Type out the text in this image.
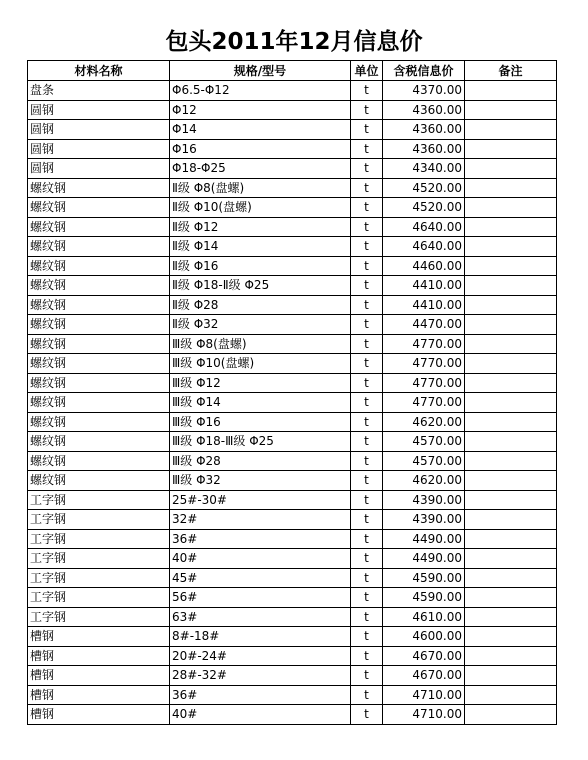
包头2011年12月信息价
材料名称	规格/型号	单位	含税信息价	备注
盘条	Φ6.5-Φ12	t	4370.00	
圆钢	Φ12	t	4360.00	
圆钢	Φ14	t	4360.00	
圆钢	Φ16	t	4360.00	
圆钢	Φ18-Φ25	t	4340.00	
螺纹钢	Ⅱ级 Φ8(盘螺)	t	4520.00	
螺纹钢	Ⅱ级 Φ10(盘螺)	t	4520.00	
螺纹钢	Ⅱ级 Φ12	t	4640.00	
螺纹钢	Ⅱ级 Φ14	t	4640.00	
螺纹钢	Ⅱ级 Φ16	t	4460.00	
螺纹钢	Ⅱ级 Φ18-Ⅱ级 Φ25	t	4410.00	
螺纹钢	Ⅱ级 Φ28	t	4410.00	
螺纹钢	Ⅱ级 Φ32	t	4470.00	
螺纹钢	Ⅲ级 Φ8(盘螺)	t	4770.00	
螺纹钢	Ⅲ级 Φ10(盘螺)	t	4770.00	
螺纹钢	Ⅲ级 Φ12	t	4770.00	
螺纹钢	Ⅲ级 Φ14	t	4770.00	
螺纹钢	Ⅲ级 Φ16	t	4620.00	
螺纹钢	Ⅲ级 Φ18-Ⅲ级 Φ25	t	4570.00	
螺纹钢	Ⅲ级 Φ28	t	4570.00	
螺纹钢	Ⅲ级 Φ32	t	4620.00	
工字钢	25#-30#	t	4390.00	
工字钢	32#	t	4390.00	
工字钢	36#	t	4490.00	
工字钢	40#	t	4490.00	
工字钢	45#	t	4590.00	
工字钢	56#	t	4590.00	
工字钢	63#	t	4610.00	
槽钢	8#-18#	t	4600.00	
槽钢	20#-24#	t	4670.00	
槽钢	28#-32#	t	4670.00	
槽钢	36#	t	4710.00	
槽钢	40#	t	4710.00	
